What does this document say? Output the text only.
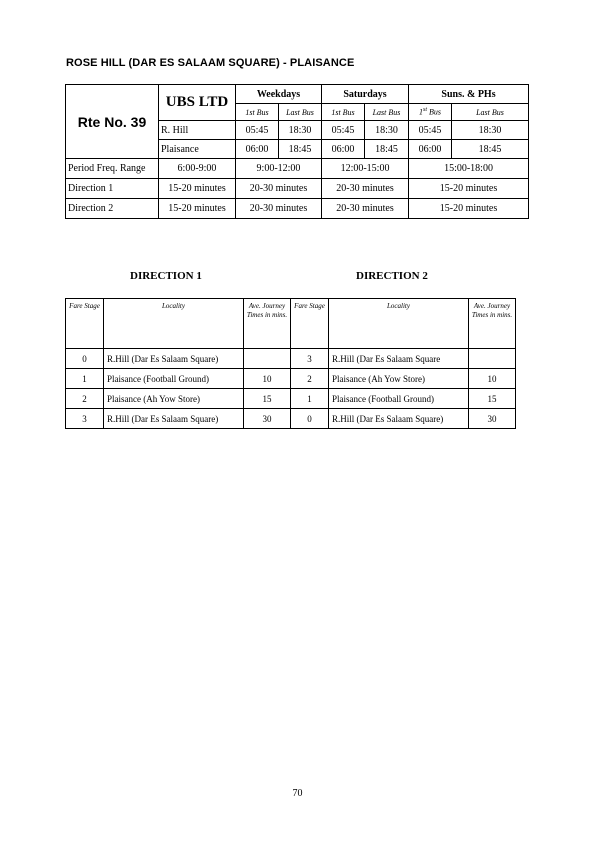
ROSE HILL (DAR ES SALAAM SQUARE) - PLAISANCE
Rte No. 39	UBS LTD	Weekdays		Saturdays		Suns. & PHs	
		1st Bus	Last Bus	1st Bus	Last Bus	1st Bus	Last Bus
	R. Hill	05:45	18:30	05:45	18:30	05:45	18:30
	Plaisance	06:00	18:45	06:00	18:45	06:00	18:45
Period Freq. Range	6:00-9:00	9:00-12:00		12:00-15:00		15:00-18:00	
Direction 1	15-20 minutes	20-30 minutes		20-30 minutes		15-20 minutes	
Direction 2	15-20 minutes	20-30 minutes		20-30 minutes		15-20 minutes	
DIRECTION 1	DIRECTION 2
Fare Stage	Locality	Ave. Journey Times in mins.	Fare Stage	Locality	Ave. Journey Times in mins.
0	R.Hill (Dar Es Salaam Square)		3	R.Hill (Dar Es Salaam Square	
1	Plaisance (Football Ground)	10	2	Plaisance (Ah Yow Store)	10
2	Plaisance (Ah Yow Store)	15	1	Plaisance (Football Ground)	15
3	R.Hill (Dar Es Salaam Square)	30	0	R.Hill (Dar Es Salaam Square)	30
70
